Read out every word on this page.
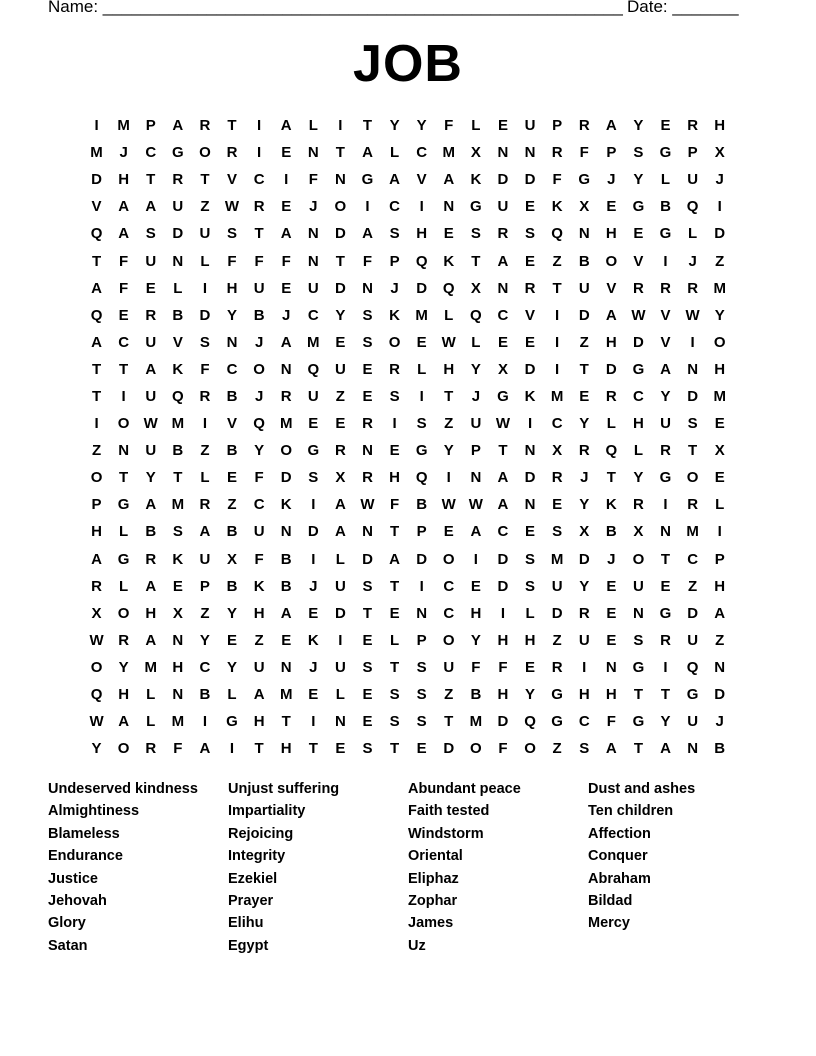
Name: _______________________________________________________ Date: _______
JOB
I	M	P	A	R	T	I	A	L	I	T	Y	Y	F	L	E	U	P	R	A	Y	E	R	H
M	J	C	G	O	R	I	E	N	T	A	L	C	M	X	N	N	R	F	P	S	G	P	X
D	H	T	R	T	V	C	I	F	N	G	A	V	A	K	D	D	F	G	J	Y	L	U	J
V	A	A	U	Z	W R	E	J	O	I	C	I	N	G	U	E	K	X	E	G	B	Q	I
Q	A	S	D	U	S	T	A	N	D	A	S	H	E	S	R	S	Q	N	H	E	G	L	D
T	F	U	N	L	F	F	F	N	T	F	P	Q	K	T	A	E	Z	B	O	V	I	J	Z
A	F	E	L	I	H	U	E	U	D	N	J	D	Q	X	N	R	T	U	V	R	R	R	M
Q	E	R	B	D	Y	B	J	C	Y	S	K	M	L	Q	C	V	I	D	A W	V	W	Y
A	C	U	V	S	N	J	A	M	E	S	O	E	W	L	E	E	I	Z	H	D	V	I	O
T	T	A	K	F	C	O	N	Q	U	E	R	L	H	Y	X	D	I	T	D	G	A	N	H
T	I	U	Q	R	B	J	R	U	Z	E	S	I	T	J	G	K	M	E	R	C	Y	D	M
I	O W M	I	V	Q	M	E	E	R	I	S	Z	U W	I	C	Y	L	H	U	S	E
Z	N	U	B	Z	B	Y	O	G	R	N	E	G	Y	P	T	N	X	R	Q	L	R	T	X
O	T	Y	T	L	E	F	D	S	X	R	H	Q	I	N	A	D	R	J	T	Y	G	O	E
P	G	A	M	R	Z	C	K	I	A W	F	B W W A	N	E	Y	K	R	I	R	L
H	L	B	S	A	B	U	N	D	A	N	T	P	E	A	C	E	S	X	B	X	N	M	I
A	G	R	K	U	X	F	B	I	L	D	A	D	O	I	D	S	M	D	J	O	T	C	P
R	L	A	E	P	B	K	B	J	U	S	T	I	C	E	D	S	U	Y	E	U	E	Z	H
X	O	H	X	Z	Y	H	A	E	D	T	E	N	C	H	I	L	D	R	E	N	G	D	A
W R	A	N	Y	E	Z	E	K	I	E	L	P	O	Y	H	H	Z	U	E	S	R	U	Z
O	Y	M	H	C	Y	U	N	J	U	S	T	S	U	F	F	E	R	I	N	G	I	Q	N
Q	H	L	N	B	L	A	M	E	L	E	S	S	Z	B	H	Y	G	H	H	T	T	G	D
W A	L	M	I	G	H	T	I	N	E	S	S	T	M	D	Q	G	C	F	G	Y	U	J
Y	O	R	F	A	I	T	H	T	E	S	T	E	D	O	F	O	Z	S	A	T	A	N	B
Undeserved kindness
Almightiness
Blameless
Endurance
Justice
Jehovah
Glory
Satan
Unjust suffering
Impartiality
Rejoicing
Integrity
Ezekiel
Prayer
Elihu
Egypt
Abundant peace
Faith tested
Windstorm
Oriental
Eliphaz
Zophar
James
Uz
Dust and ashes
Ten children
Affection
Conquer
Abraham
Bildad
Mercy
